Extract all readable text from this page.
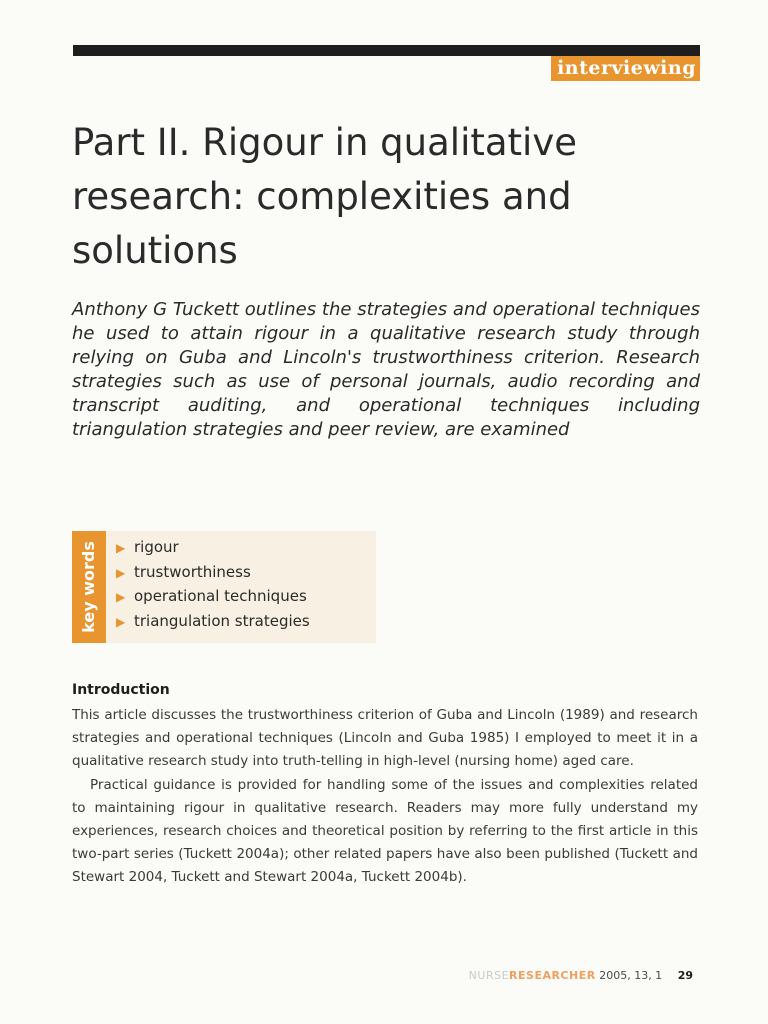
interviewing
Part II. Rigour in qualitative research: complexities and solutions

Anthony G Tuckett outlines the strategies and operational techniques he used to attain rigour in a qualitative research study through relying on Guba and Lincoln's trustworthiness criterion. Research strategies such as use of personal journals, audio recording and transcript auditing, and operational techniques including triangulation strategies and peer review, are examined

key words ▶ rigour
▶ trustworthiness
▶ operational techniques
▶ triangulation strategies
Introduction

This article discusses the trustworthiness criterion of Guba and Lincoln (1989) and research strategies and operational techniques (Lincoln and Guba 1985) I employed to meet it in a qualitative research study into truth-telling in high-level (nursing home) aged care.

Practical guidance is provided for handling some of the issues and complexities related to maintaining rigour in qualitative research. Readers may more fully understand my experiences, research choices and theoretical position by referring to the first article in this two-part series (Tuckett 2004a); other related papers have also been published (Tuckett and Stewart 2004, Tuckett and Stewart 2004a, Tuckett 2004b).

NURSERESEARCHER 2005, 13, 1 29
